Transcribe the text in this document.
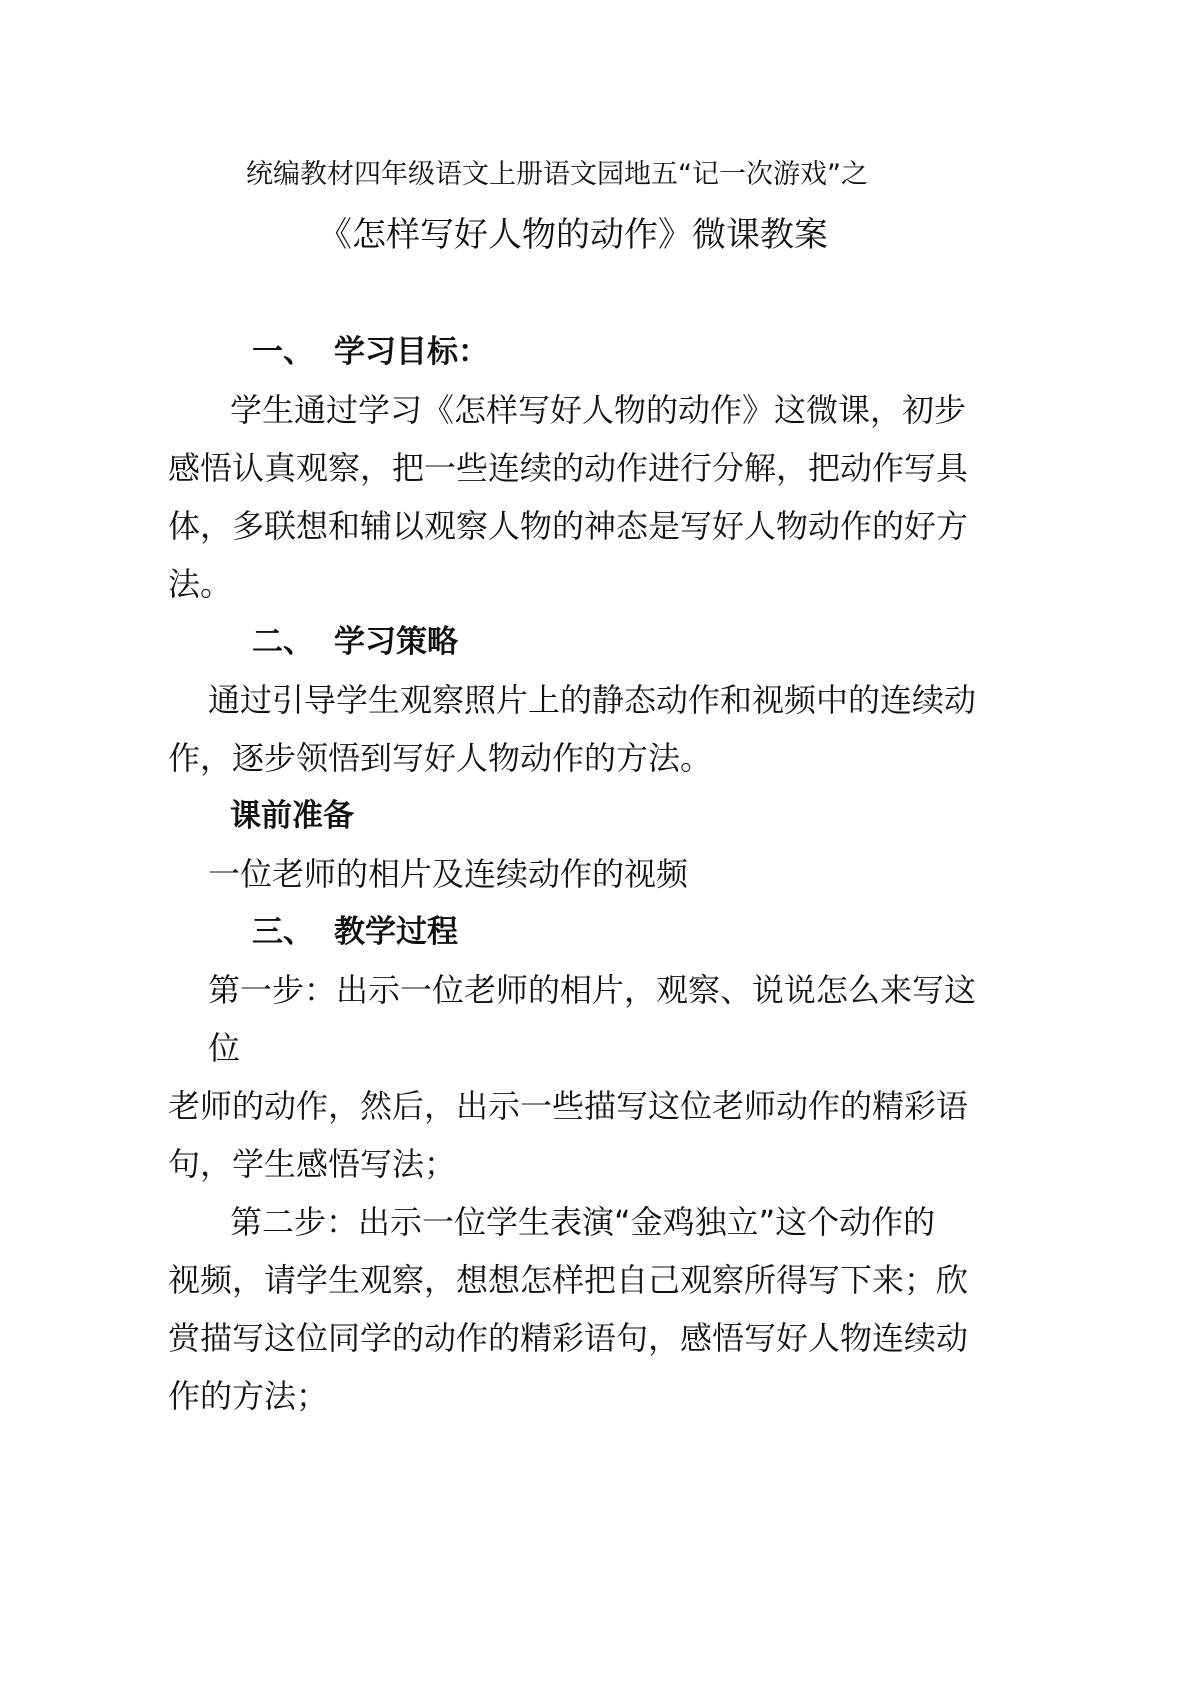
统编教材四年级语文上册语文园地五“记一次游戏”之
《怎样写好人物的动作》微课教案
一、 学习目标：
学生通过学习《怎样写好人物的动作》这微课，初步
感悟认真观察，把一些连续的动作进行分解，把动作写具
体，多联想和辅以观察人物的神态是写好人物动作的好方
法。
二、 学习策略
通过引导学生观察照片上的静态动作和视频中的连续动
作，逐步领悟到写好人物动作的方法。
课前准备
一位老师的相片及连续动作的视频
三、 教学过程
第一步：出示一位老师的相片，观察、说说怎么来写这
位
老师的动作，然后，出示一些描写这位老师动作的精彩语
句，学生感悟写法；
第二步：出示一位学生表演“金鸡独立”这个动作的
视频，请学生观察，想想怎样把自己观察所得写下来；欣
赏描写这位同学的动作的精彩语句，感悟写好人物连续动
作的方法；
